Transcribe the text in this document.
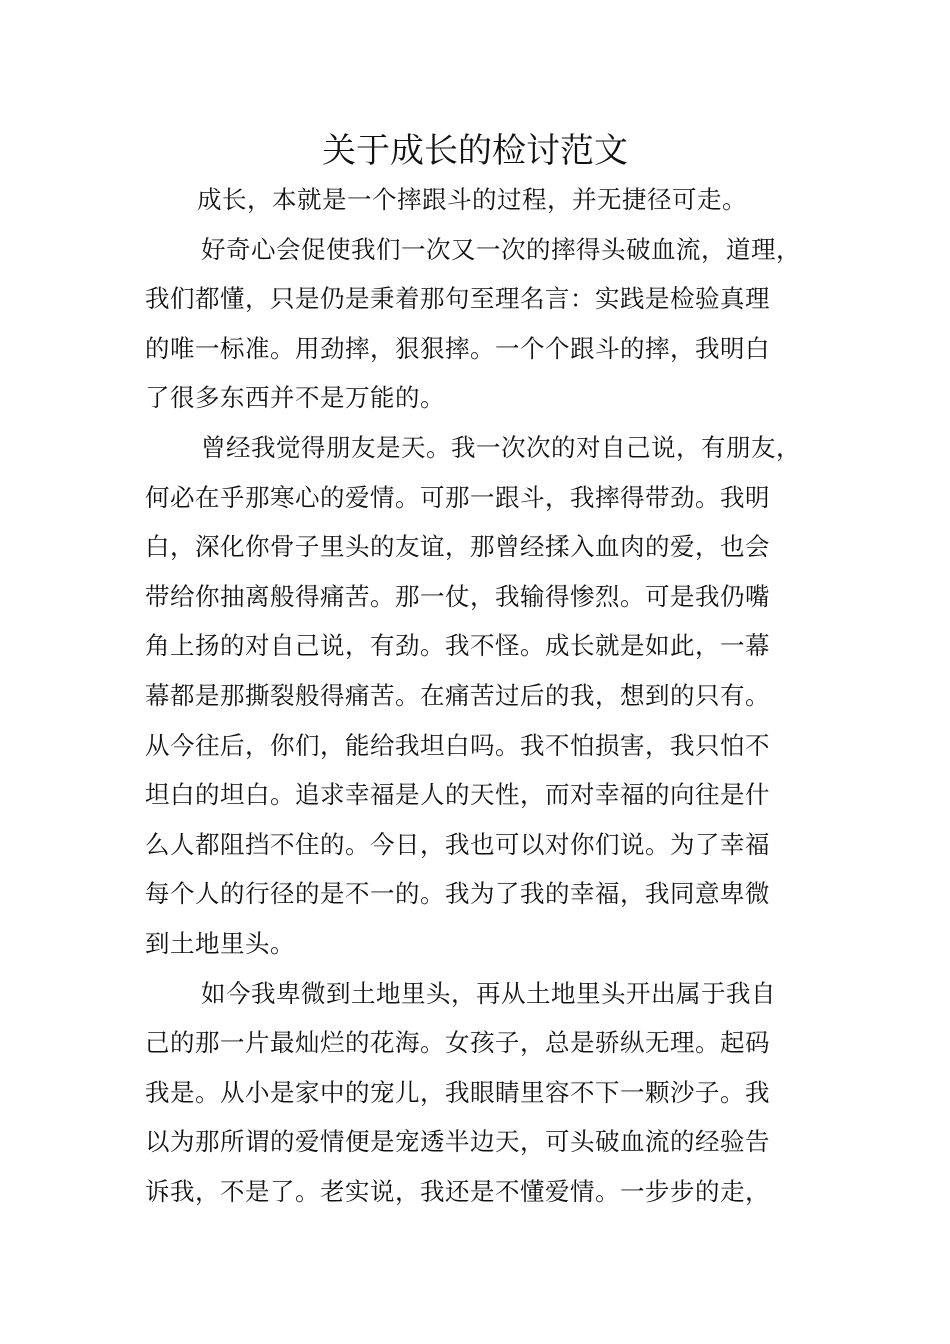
关于成长的检讨范文
成长，本就是一个摔跟斗的过程，并无捷径可走。
好奇心会促使我们一次又一次的摔得头破血流，道理，
我们都懂，只是仍是秉着那句至理名言：实践是检验真理
的唯一标准。用劲摔，狠狠摔。一个个跟斗的摔，我明白
了很多东西并不是万能的。
曾经我觉得朋友是天。我一次次的对自己说，有朋友，
何必在乎那寒心的爱情。可那一跟斗，我摔得带劲。我明
白，深化你骨子里头的友谊，那曾经揉入血肉的爱，也会
带给你抽离般得痛苦。那一仗，我输得惨烈。可是我仍嘴
角上扬的对自己说，有劲。我不怪。成长就是如此，一幕
幕都是那撕裂般得痛苦。在痛苦过后的我，想到的只有。
从今往后，你们，能给我坦白吗。我不怕损害，我只怕不
坦白的坦白。追求幸福是人的天性，而对幸福的向往是什
么人都阻挡不住的。今日，我也可以对你们说。为了幸福
每个人的行径的是不一的。我为了我的幸福，我同意卑微
到土地里头。
如今我卑微到土地里头，再从土地里头开出属于我自
己的那一片最灿烂的花海。女孩子，总是骄纵无理。起码
我是。从小是家中的宠儿，我眼睛里容不下一颗沙子。我
以为那所谓的爱情便是宠透半边天，可头破血流的经验告
诉我，不是了。老实说，我还是不懂爱情。一步步的走，
